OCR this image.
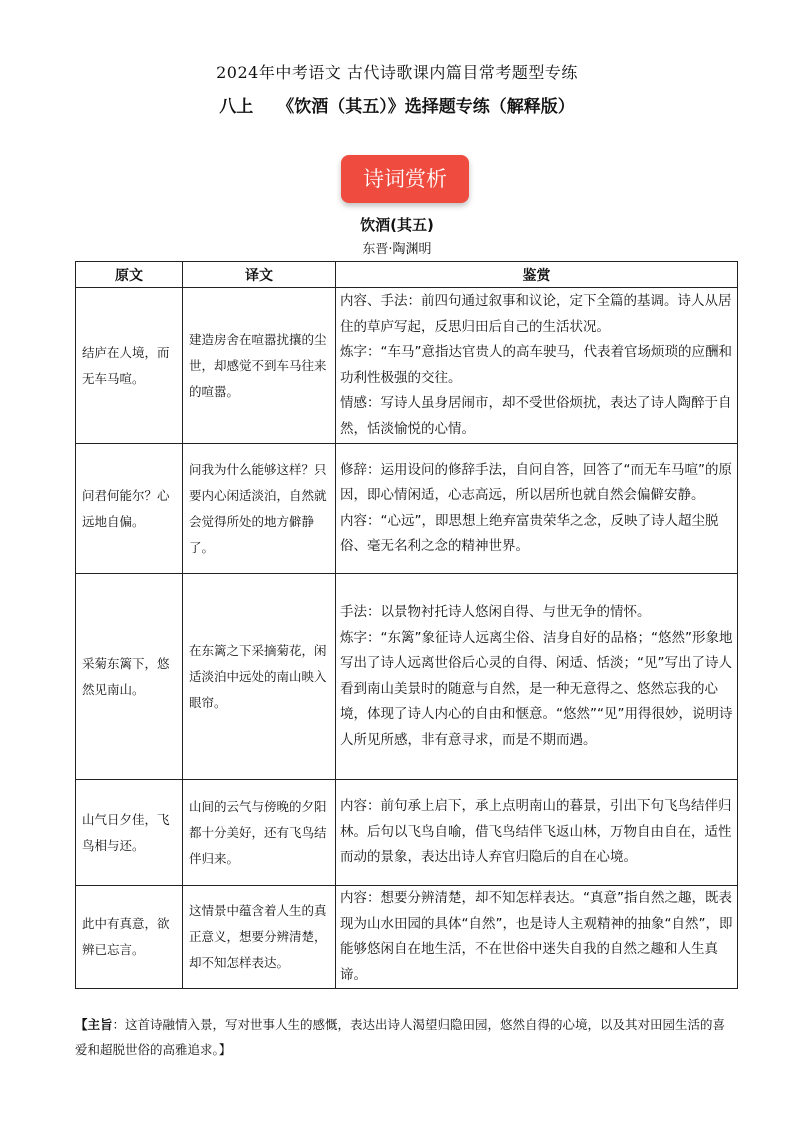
2024年中考语文 古代诗歌课内篇目常考题型专练
八上 《饮酒（其五）》选择题专练（解释版）
诗词赏析
饮酒(其五)
东晋·陶渊明
原文	译文	鉴赏
结庐在人境，而无车马喧。	建造房舍在喧嚣扰攘的尘世，却感觉不到车马往来的喧嚣。	内容、手法：前四句通过叙事和议论，定下全篇的基调。诗人从居住的草庐写起，反思归田后自己的生活状况。

炼字：“车马”意指达官贵人的高车驶马，代表着官场烦琐的应酬和功利性极强的交往。

情感：写诗人虽身居闹市，却不受世俗烦扰，表达了诗人陶醉于自然，恬淡愉悦的心情。

问君何能尔？心远地自偏。	问我为什么能够这样？只要内心闲适淡泊，自然就会觉得所处的地方僻静了。	修辞：运用设问的修辞手法，自问自答，回答了“而无车马喧”的原因，即心情闲适，心志高远，所以居所也就自然会偏僻安静。

内容：“心远”，即思想上绝弃富贵荣华之念，反映了诗人超尘脱俗、毫无名利之念的精神世界。

采菊东篱下，悠然见南山。	在东篱之下采摘菊花，闲适淡泊中远处的南山映入眼帘。	手法：以景物衬托诗人悠闲自得、与世无争的情怀。

炼字：“东篱”象征诗人远离尘俗、洁身自好的品格；“悠然”形象地写出了诗人远离世俗后心灵的自得、闲适、恬淡；“见”写出了诗人看到南山美景时的随意与自然，是一种无意得之、悠然忘我的心境，体现了诗人内心的自由和惬意。“悠然”“见”用得很妙，说明诗人所见所感，非有意寻求，而是不期而遇。

山气日夕佳，飞鸟相与还。	山间的云气与傍晚的夕阳都十分美好，还有飞鸟结伴归来。	内容：前句承上启下，承上点明南山的暮景，引出下句飞鸟结伴归林。后句以飞鸟自喻，借飞鸟结伴飞返山林，万物自由自在，适性而动的景象，表达出诗人弃官归隐后的自在心境。

此中有真意，欲辨已忘言。	这情景中蕴含着人生的真正意义，想要分辨清楚，却不知怎样表达。	内容：想要分辨清楚，却不知怎样表达。“真意”指自然之趣，既表现为山水田园的具体“自然”，也是诗人主观精神的抽象“自然”，即能够悠闲自在地生活，不在世俗中迷失自我的自然之趣和人生真谛。

【主旨：这首诗融情入景，写对世事人生的感慨，表达出诗人渴望归隐田园，悠然自得的心境，以及其对田园生活的喜爱和超脱世俗的高雅追求。】
